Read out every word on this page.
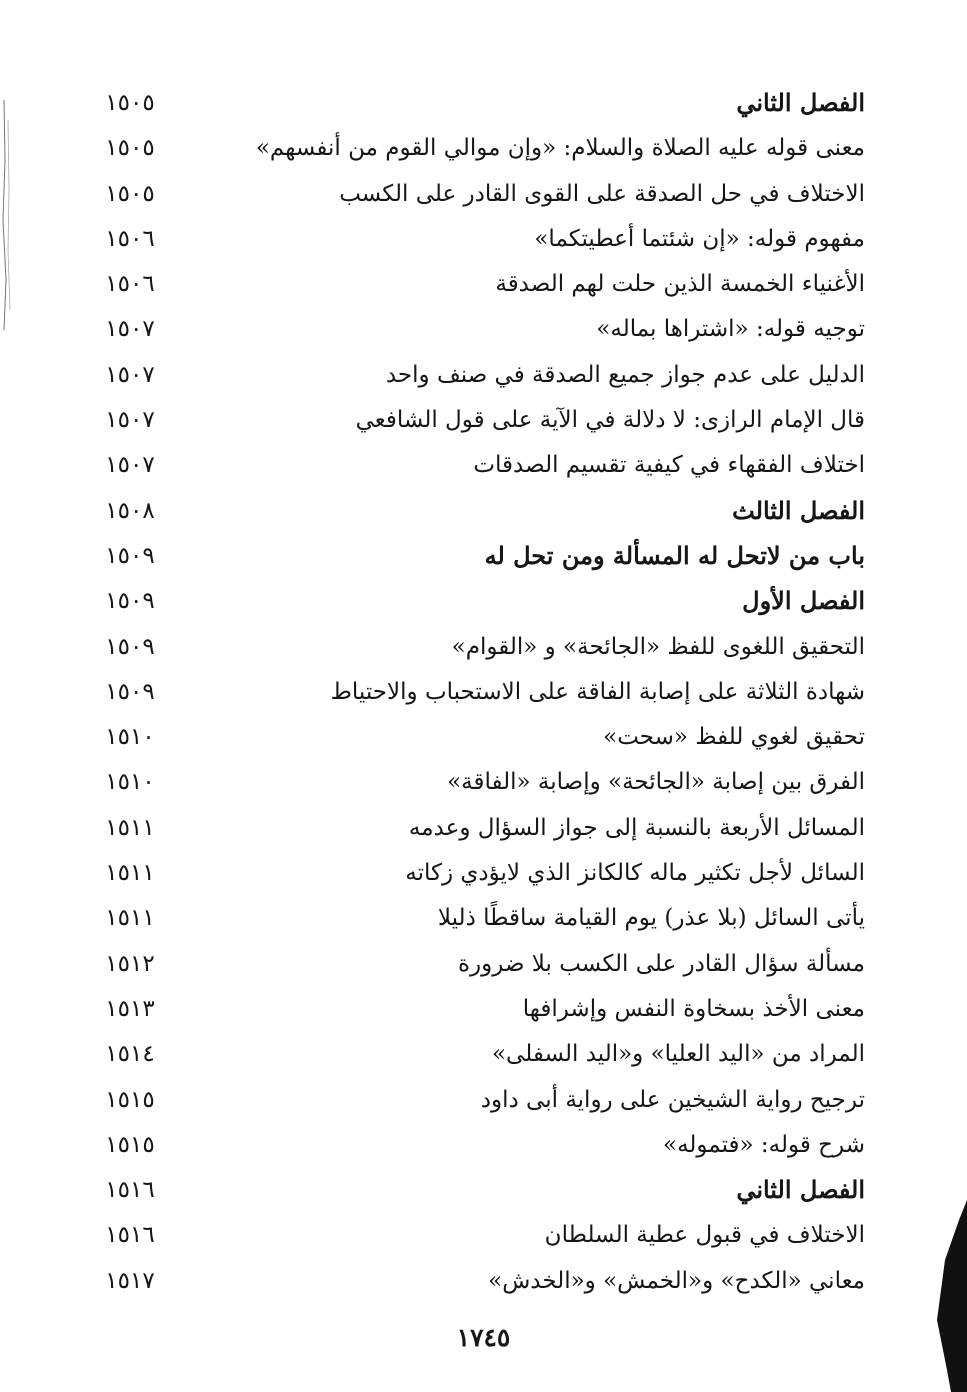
الفصل الثاني
١٥٠٥
معنى قوله عليه الصلاة والسلام: «وإن موالي القوم من أنفسهم»
١٥٠٥
الاختلاف في حل الصدقة على القوى القادر على الكسب
١٥٠٥
مفهوم قوله: «إن شئتما أعطيتكما»
١٥٠٦
الأغنياء الخمسة الذين حلت لهم الصدقة
١٥٠٦
توجيه قوله: «اشتراها بماله»
١٥٠٧
الدليل على عدم جواز جميع الصدقة في صنف واحد
١٥٠٧
قال الإمام الرازى: لا دلالة في الآية على قول الشافعي
١٥٠٧
اختلاف الفقهاء في كيفية تقسيم الصدقات
١٥٠٧
الفصل الثالث
١٥٠٨
باب من لاتحل له المسألة ومن تحل له
١٥٠٩
الفصل الأول
١٥٠٩
التحقيق اللغوى للفظ «الجائحة» و «القوام»
١٥٠٩
شهادة الثلاثة على إصابة الفاقة على الاستحباب والاحتياط
١٥٠٩
تحقيق لغوي للفظ «سحت»
١٥١٠
الفرق بين إصابة «الجائحة» وإصابة «الفاقة»
١٥١٠
المسائل الأربعة بالنسبة إلى جواز السؤال وعدمه
١٥١١
السائل لأجل تكثير ماله كالكانز الذي لايؤدي زكاته
١٥١١
يأتى السائل (بلا عذر) يوم القيامة ساقطًا ذليلا
١٥١١
مسألة سؤال القادر على الكسب بلا ضرورة
١٥١٢
معنى الأخذ بسخاوة النفس وإشرافها
١٥١٣
المراد من «اليد العليا» و«اليد السفلى»
١٥١٤
ترجيح رواية الشيخين على رواية أبى داود
١٥١٥
شرح قوله: «فتموله»
١٥١٥
الفصل الثاني
١٥١٦
الاختلاف في قبول عطية السلطان
١٥١٦
معاني «الكدح» و«الخمش» و«الخدش»
١٥١٧
١٧٤٥
